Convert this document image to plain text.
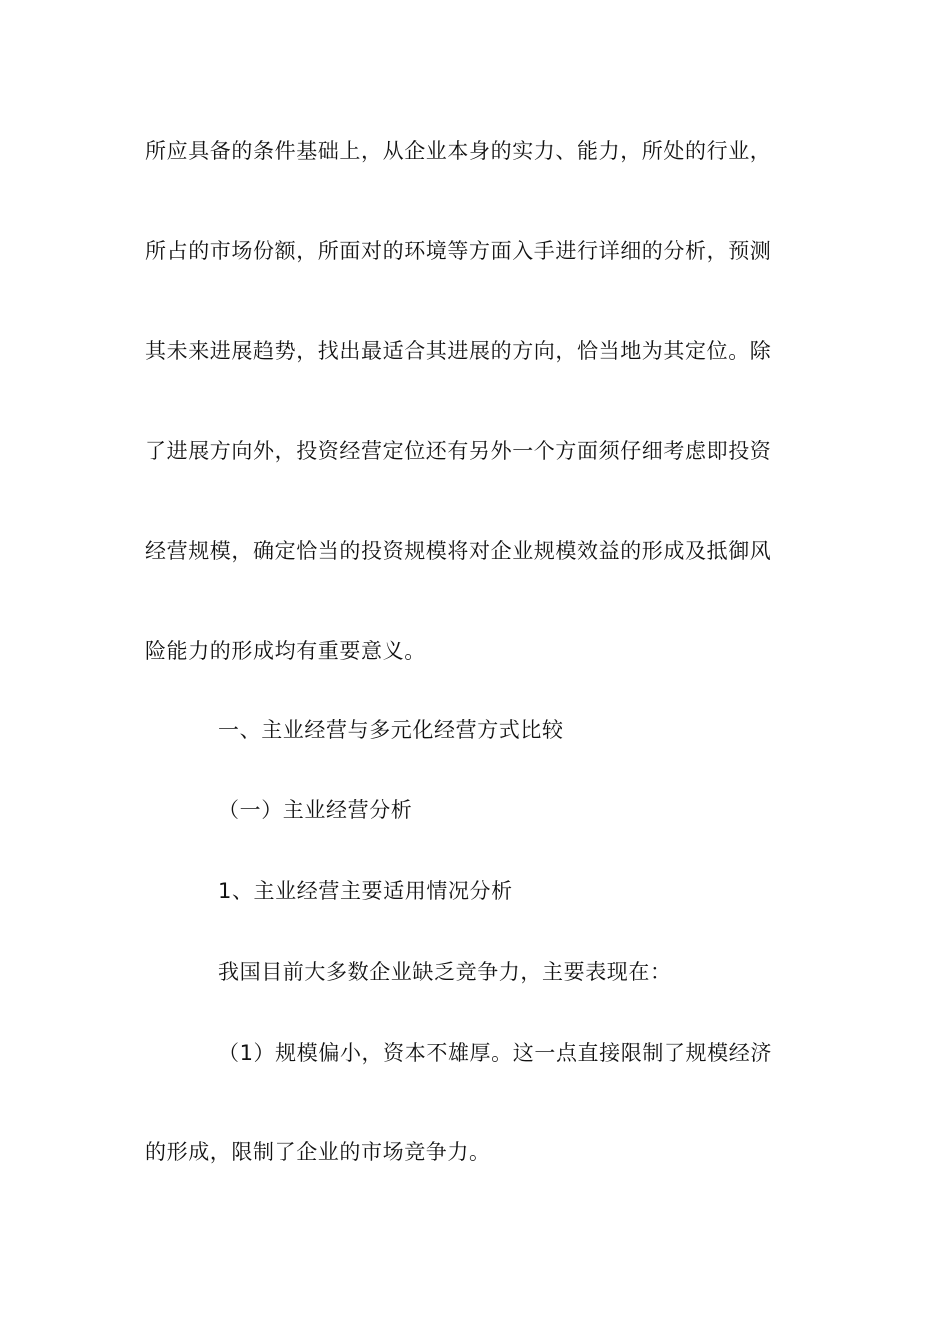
所应具备的条件基础上，从企业本身的实力、能力，所处的行业，
所占的市场份额，所面对的环境等方面入手进行详细的分析，预测
其未来进展趋势，找出最适合其进展的方向，恰当地为其定位。除
了进展方向外，投资经营定位还有另外一个方面须仔细考虑即投资
经营规模，确定恰当的投资规模将对企业规模效益的形成及抵御风
险能力的形成均有重要意义。
一、主业经营与多元化经营方式比较
（一）主业经营分析
1、主业经营主要适用情况分析
我国目前大多数企业缺乏竞争力，主要表现在：
（1）规模偏小，资本不雄厚。这一点直接限制了规模经济
的形成，限制了企业的市场竞争力。
